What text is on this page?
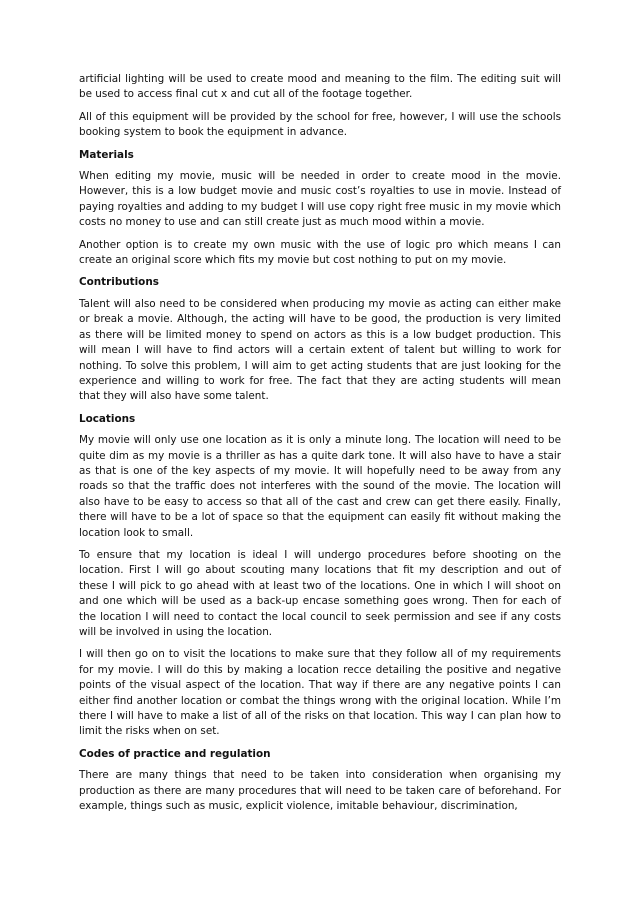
artificial lighting will be used to create mood and meaning to the film. The editing suit will be used to access final cut x and cut all of the footage together.

All of this equipment will be provided by the school for free, however, I will use the schools booking system to book the equipment in advance.

Materials

When editing my movie, music will be needed in order to create mood in the movie. However, this is a low budget movie and music cost’s royalties to use in movie. Instead of paying royalties and adding to my budget I will use copy right free music in my movie which costs no money to use and can still create just as much mood within a movie.

Another option is to create my own music with the use of logic pro which means I can create an original score which fits my movie but cost nothing to put on my movie.

Contributions

Talent will also need to be considered when producing my movie as acting can either make or break a movie. Although, the acting will have to be good, the production is very limited as there will be limited money to spend on actors as this is a low budget production. This will mean I will have to find actors will a certain extent of talent but willing to work for nothing. To solve this problem, I will aim to get acting students that are just looking for the experience and willing to work for free. The fact that they are acting students will mean that they will also have some talent.

Locations

My movie will only use one location as it is only a minute long. The location will need to be quite dim as my movie is a thriller as has a quite dark tone. It will also have to have a stair as that is one of the key aspects of my movie. It will hopefully need to be away from any roads so that the traffic does not interferes with the sound of the movie. The location will also have to be easy to access so that all of the cast and crew can get there easily. Finally, there will have to be a lot of space so that the equipment can easily fit without making the location look to small.

To ensure that my location is ideal I will undergo procedures before shooting on the location. First I will go about scouting many locations that fit my description and out of these I will pick to go ahead with at least two of the locations. One in which I will shoot on and one which will be used as a back-up encase something goes wrong. Then for each of the location I will need to contact the local council to seek permission and see if any costs will be involved in using the location.

I will then go on to visit the locations to make sure that they follow all of my requirements for my movie. I will do this by making a location recce detailing the positive and negative points of the visual aspect of the location. That way if there are any negative points I can either find another location or combat the things wrong with the original location. While I’m there I will have to make a list of all of the risks on that location. This way I can plan how to limit the risks when on set.

Codes of practice and regulation

There are many things that need to be taken into consideration when organising my production as there are many procedures that will need to be taken care of beforehand. For example, things such as music, explicit violence, imitable behaviour, discrimination,
